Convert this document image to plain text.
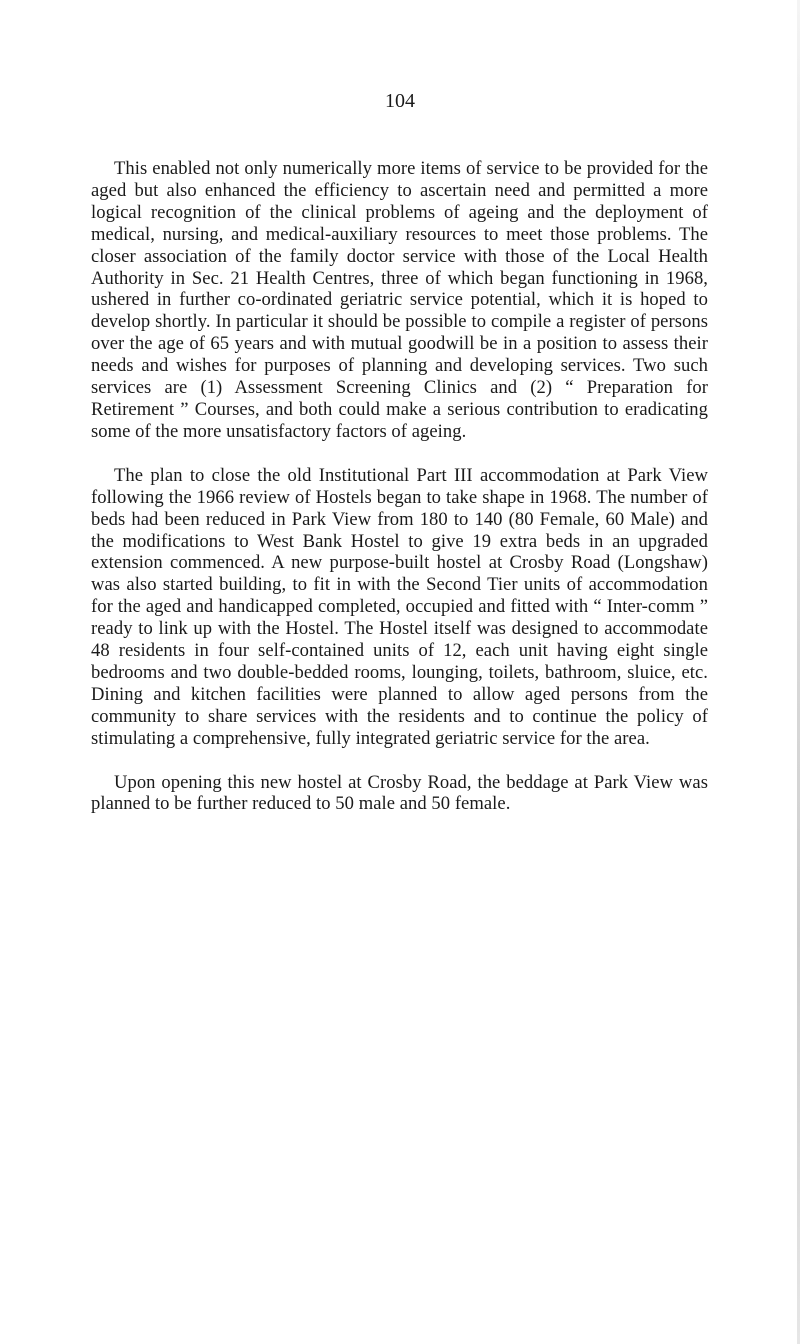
104

This enabled not only numerically more items of service to be provided for the aged but also enhanced the efficiency to ascertain need and permitted a more logical recognition of the clinical problems of ageing and the deployment of medical, nursing, and medical-auxiliary resources to meet those problems. The closer association of the family doctor service with those of the Local Health Authority in Sec. 21 Health Centres, three of which began functioning in 1968, ushered in further co-ordinated geriatric service potential, which it is hoped to develop shortly. In particular it should be possible to compile a register of persons over the age of 65 years and with mutual goodwill be in a position to assess their needs and wishes for purposes of planning and developing services. Two such services are (1) Assessment Screening Clinics and (2) “ Preparation for Retirement ” Courses, and both could make a serious contribution to eradicating some of the more unsatisfactory factors of ageing.

The plan to close the old Institutional Part III accommodation at Park View following the 1966 review of Hostels began to take shape in 1968. The number of beds had been reduced in Park View from 180 to 140 (80 Female, 60 Male) and the modifications to West Bank Hostel to give 19 extra beds in an upgraded extension commenced. A new purpose-built hostel at Crosby Road (Longshaw) was also started building, to fit in with the Second Tier units of accommodation for the aged and handicapped completed, occupied and fitted with “ Inter-comm ” ready to link up with the Hostel. The Hostel itself was designed to accommodate 48 residents in four self-contained units of 12, each unit having eight single bedrooms and two double-bedded rooms, lounging, toilets, bathroom, sluice, etc. Dining and kitchen facilities were planned to allow aged persons from the community to share services with the residents and to continue the policy of stimulating a comprehensive, fully integrated geriatric service for the area.

Upon opening this new hostel at Crosby Road, the beddage at Park View was planned to be further reduced to 50 male and 50 female.
